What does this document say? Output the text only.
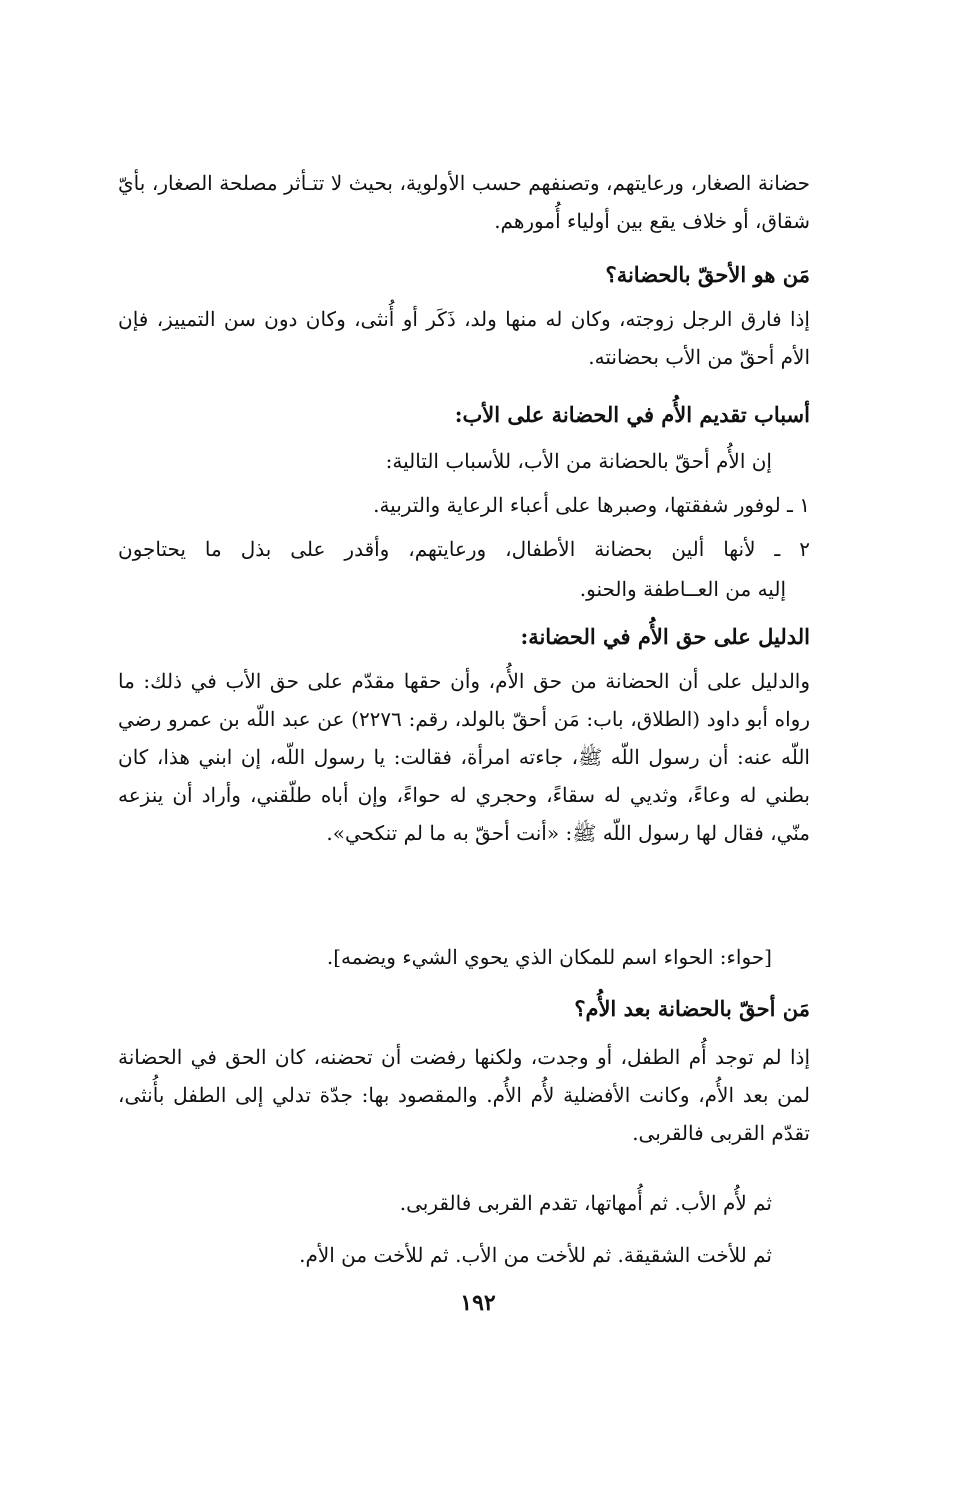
حضانة الصغار، ورعايتهم، وتصنفهم حسب الأولوية، بحيث لا تتـأثر مصلحة الصغار، بأيّ شقاق، أو خلاف يقع بين أولياء أُمورهم.
مَن هو الأحقّ بالحضانة؟
إذا فارق الرجل زوجته، وكان له منها ولد، ذَكَر أو أُنثى، وكان دون سن التمييز، فإن الأم أحقّ من الأب بحضانته.
أسباب تقديم الأُم في الحضانة على الأب:
إن الأُم أحقّ بالحضانة من الأب، للأسباب التالية:
١ ـ لوفور شفقتها، وصبرها على أعباء الرعاية والتربية.
٢ ـ لأنها ألين بحضانة الأطفال، ورعايتهم، وأقدر على بذل ما يحتاجون
إليه من العــاطفة والحنو.
الدليل على حق الأُم في الحضانة:
والدليل على أن الحضانة من حق الأُم، وأن حقها مقدّم على حق الأب في ذلك: ما رواه أبو داود (الطلاق، باب: مَن أحقّ بالولد، رقم: ٢٢٧٦) عن عبد اللّه بن عمرو رضي اللّه عنه: أن رسول اللّه ﷺ، جاءته امرأة، فقالت: يا رسول اللّه، إن ابني هذا، كان بطني له وعاءً، وثديي له سقاءً، وحجري له حواءً، وإن أباه طلّقني، وأراد أن ينزعه منّي، فقال لها رسول اللّه ﷺ: «أنت أحقّ به ما لم تنكحي».
[حواء: الحواء اسم للمكان الذي يحوي الشيء ويضمه].
مَن أحقّ بالحضانة بعد الأُم؟
إذا لم توجد أُم الطفل، أو وجدت، ولكنها رفضت أن تحضنه، كان الحق في الحضانة لمن بعد الأُم، وكانت الأفضلية لأُم الأُم. والمقصود بها: جدّة تدلي إلى الطفل بأُنثى، تقدّم القربى فالقربى.
ثم لأُم الأب. ثم أُمهاتها، تقدم القربى فالقربى.
ثم للأخت الشقيقة. ثم للأخت من الأب. ثم للأخت من الأم.
١٩٢
